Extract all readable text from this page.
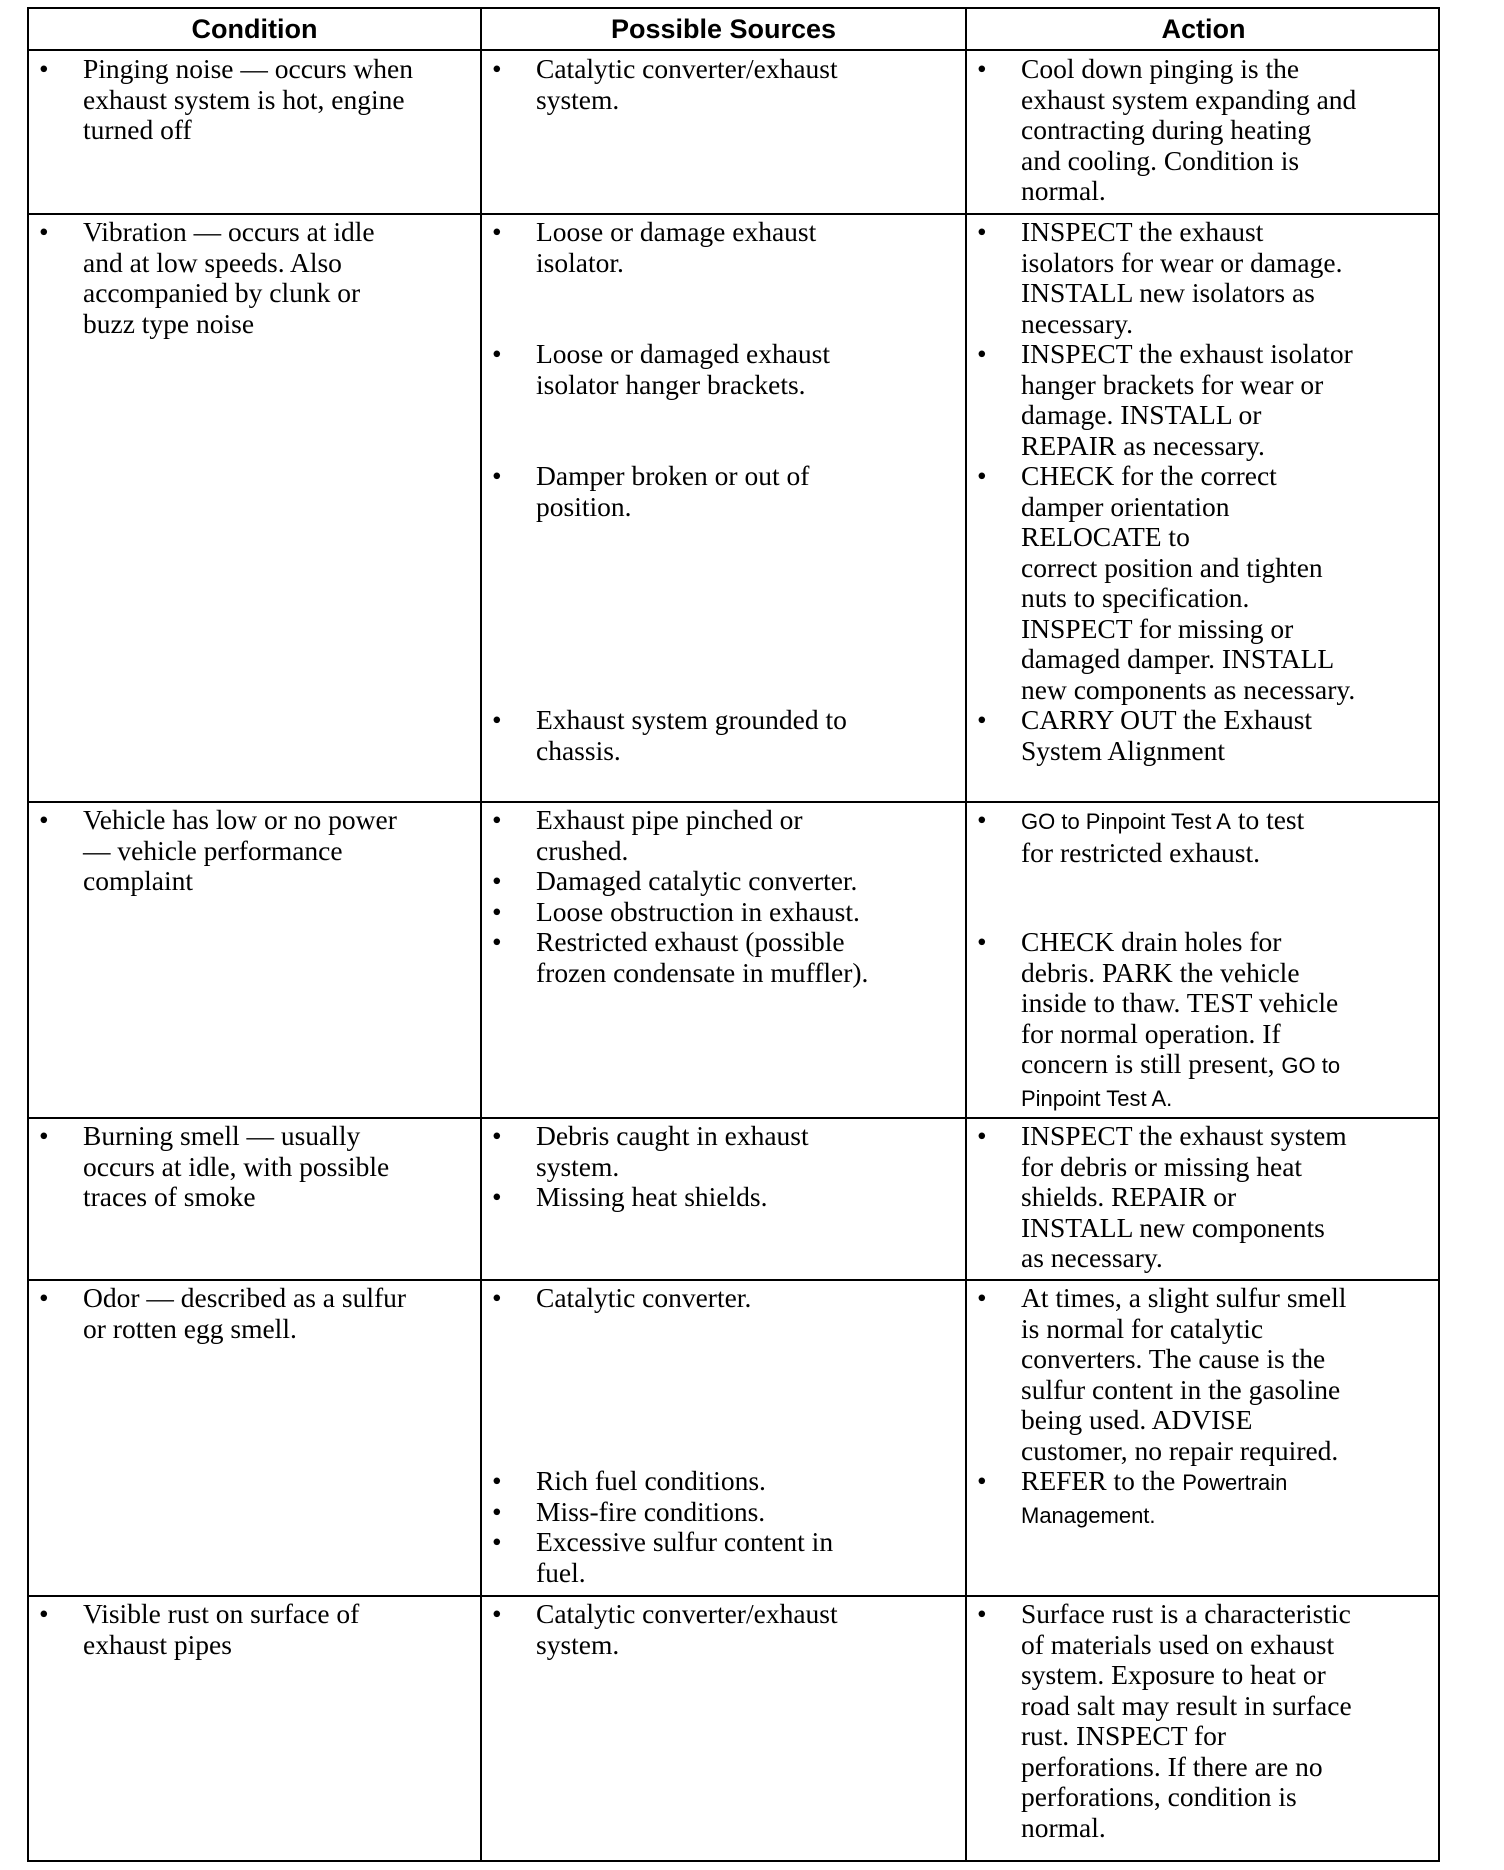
Condition	Possible Sources	Action
• Pinging noise — occurs when
exhaust system is hot, engine
turned off
• Catalytic converter/exhaust
system.
• Cool down pinging is the
exhaust system expanding and
contracting during heating
and cooling. Condition is
normal.
• Vibration — occurs at idle
and at low speeds. Also
accompanied by clunk or
buzz type noise
• Loose or damage exhaust
isolator.
• Loose or damaged exhaust
isolator hanger brackets.
• Damper broken or out of
position.
• Exhaust system grounded to
chassis.
• INSPECT the exhaust
isolators for wear or damage.
INSTALL new isolators as
necessary.
• INSPECT the exhaust isolator
hanger brackets for wear or
damage. INSTALL or
REPAIR as necessary.
• CHECK for the correct
damper orientation
RELOCATE to
correct position and tighten
nuts to specification.
INSPECT for missing or
damaged damper. INSTALL
new components as necessary.
• CARRY OUT the Exhaust
System Alignment
• Vehicle has low or no power
— vehicle performance
complaint
• Exhaust pipe pinched or
crushed.
• Damaged catalytic converter.
• Loose obstruction in exhaust.
• Restricted exhaust (possible
frozen condensate in muffler).
• GO to Pinpoint Test A to test
for restricted exhaust.
• CHECK drain holes for
debris. PARK the vehicle
inside to thaw. TEST vehicle
for normal operation. If
concern is still present, GO to
Pinpoint Test A.
• Burning smell — usually
occurs at idle, with possible
traces of smoke
• Debris caught in exhaust
system.
• Missing heat shields.
• INSPECT the exhaust system
for debris or missing heat
shields. REPAIR or
INSTALL new components
as necessary.
• Odor — described as a sulfur
or rotten egg smell.
• Catalytic converter.
• Rich fuel conditions.
• Miss-fire conditions.
• Excessive sulfur content in
fuel.
• At times, a slight sulfur smell
is normal for catalytic
converters. The cause is the
sulfur content in the gasoline
being used. ADVISE
customer, no repair required.
• REFER to the Powertrain
Management.
• Visible rust on surface of
exhaust pipes
• Catalytic converter/exhaust
system.
• Surface rust is a characteristic
of materials used on exhaust
system. Exposure to heat or
road salt may result in surface
rust. INSPECT for
perforations. If there are no
perforations, condition is
normal.
